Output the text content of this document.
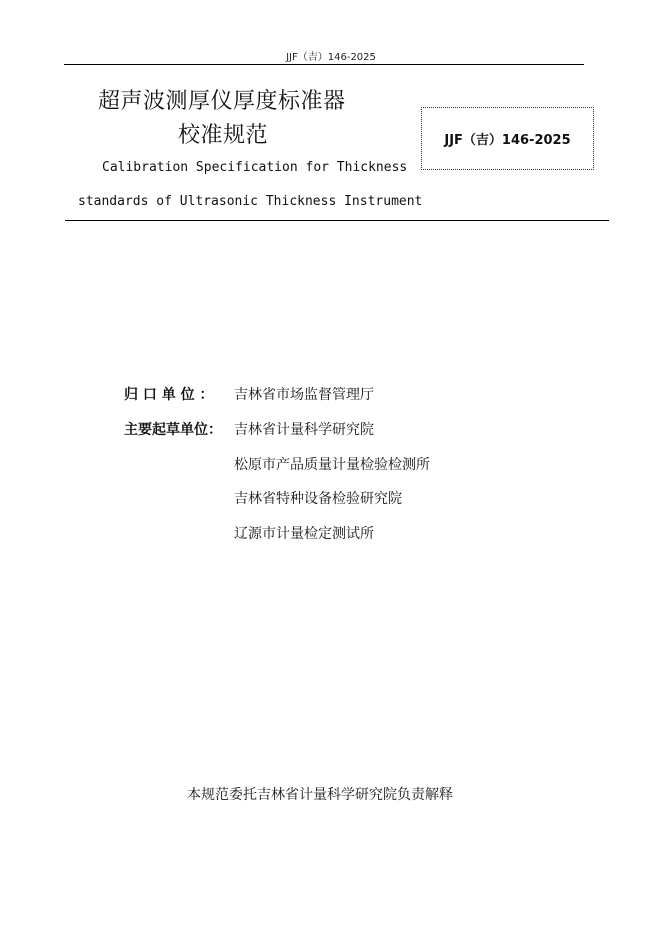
JJF（吉）146-2025
超声波测厚仪厚度标准器
校准规范	JJF（吉）146-2025
Calibration Specification for Thickness
standards of Ultrasonic Thickness Instrument
归 口 单 位 ： 吉林省市场监督管理厅
主要起草单位： 吉林省计量科学研究院
松原市产品质量计量检验检测所
吉林省特种设备检验研究院
辽源市计量检定测试所
本规范委托吉林省计量科学研究院负责解释
